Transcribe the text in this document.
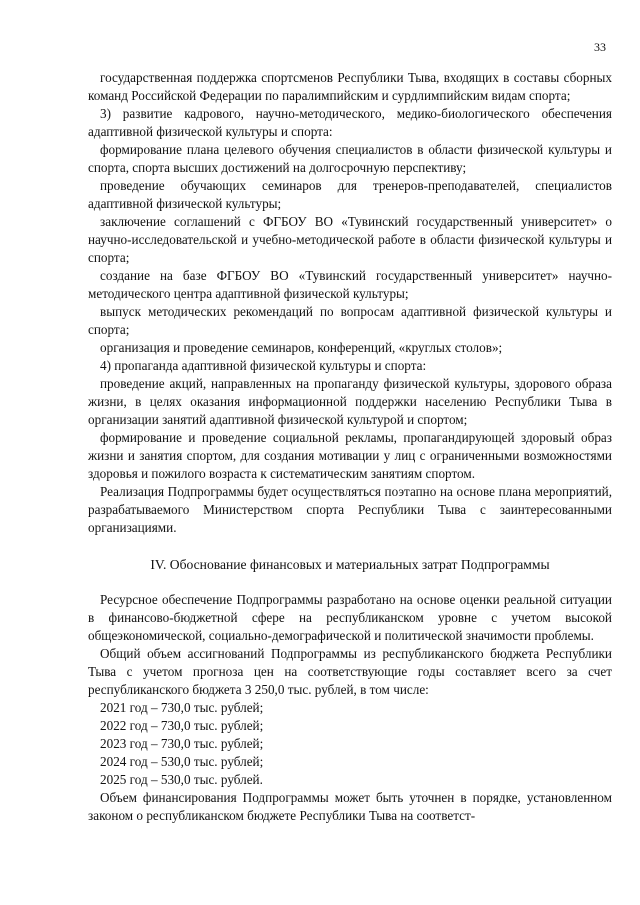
33

государственная поддержка спортсменов Республики Тыва, входящих в составы сборных команд Российской Федерации по паралимпийским и сурдлимпийским видам спорта;

3) развитие кадрового, научно-методического, медико-биологического обеспечения адаптивной физической культуры и спорта:

формирование плана целевого обучения специалистов в области физической культуры и спорта, спорта высших достижений на долгосрочную перспективу;

проведение обучающих семинаров для тренеров-преподавателей, специалистов адаптивной физической культуры;

заключение соглашений с ФГБОУ ВО «Тувинский государственный университет» о научно-исследовательской и учебно-методической работе в области физической культуры и спорта;

создание на базе ФГБОУ ВО «Тувинский государственный университет» научно-методического центра адаптивной физической культуры;

выпуск методических рекомендаций по вопросам адаптивной физической культуры и спорта;

организация и проведение семинаров, конференций, «круглых столов»;

4) пропаганда адаптивной физической культуры и спорта:

проведение акций, направленных на пропаганду физической культуры, здорового образа жизни, в целях оказания информационной поддержки населению Республики Тыва в организации занятий адаптивной физической культурой и спортом;

формирование и проведение социальной рекламы, пропагандирующей здоровый образ жизни и занятия спортом, для создания мотивации у лиц с ограниченными возможностями здоровья и пожилого возраста к систематическим занятиям спортом.

Реализация Подпрограммы будет осуществляться поэтапно на основе плана мероприятий, разрабатываемого Министерством спорта Республики Тыва с заинтересованными организациями.

IV. Обоснование финансовых и материальных затрат Подпрограммы

Ресурсное обеспечение Подпрограммы разработано на основе оценки реальной ситуации в финансово-бюджетной сфере на республиканском уровне с учетом высокой общеэкономической, социально-демографической и политической значимости проблемы.

Общий объем ассигнований Подпрограммы из республиканского бюджета Республики Тыва с учетом прогноза цен на соответствующие годы составляет всего за счет республиканского бюджета 3 250,0 тыс. рублей, в том числе:

2021 год – 730,0 тыс. рублей;

2022 год – 730,0 тыс. рублей;

2023 год – 730,0 тыс. рублей;

2024 год – 530,0 тыс. рублей;

2025 год – 530,0 тыс. рублей.

Объем финансирования Подпрограммы может быть уточнен в порядке, установленном законом о республиканском бюджете Республики Тыва на соответст-
